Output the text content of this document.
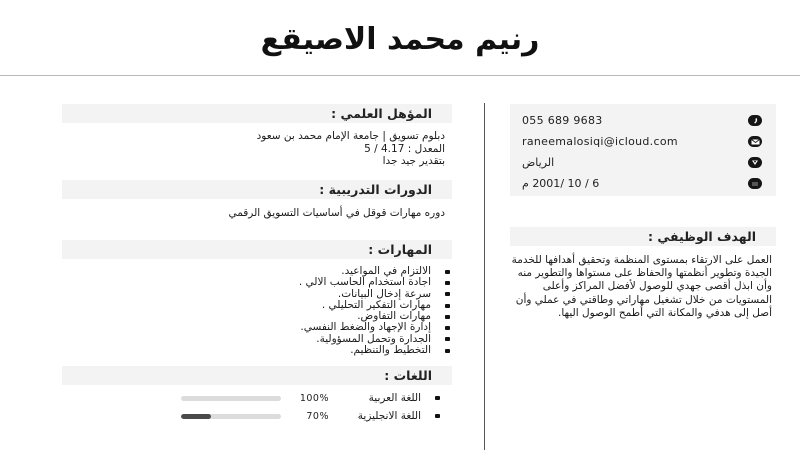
رنيم محمد الاصيقع
055 689 9683
raneemalosiqi@icloud.com
الرياض
6 / 10 /2001 م
الهدف الوظيفي :
العمل على الارتقاء بمستوى المنظمة وتحقيق أهدافها للخدمة الجيدة وتطوير أنظمتها والحفاظ على مستواها والتطوير منه وأن ابذل أقصى جهدي للوصول لأفضل المراكز وأعلى المستويات من خلال تشغيل مهاراتي وطاقتي في عملي وأن أصل إلى هدفي والمكانة التي أطمح الوصول اليها.
المؤهل العلمي :
دبلوم تسويق | جامعة الإمام محمد بن سعود
المعدل : 4.17 / 5
بتقدير جيد جدا
الدورات التدريبية :
دوره مهارات قوقل في أساسيات التسويق الرقمي
المهارات :
الالتزام في المواعيد.
اجادة استخدام الحاسب الالي .
سرعة إدخال البيانات.
مهارات التفكير التحليلي .
مهارات التفاوض.
إدارة الإجهاد والضغط النفسي.
الجدارة وتحمل المسؤولية.
التخطيط والتنظيم.
اللغات :
اللغة العربية
100%
اللغة الانجليزية
70%
